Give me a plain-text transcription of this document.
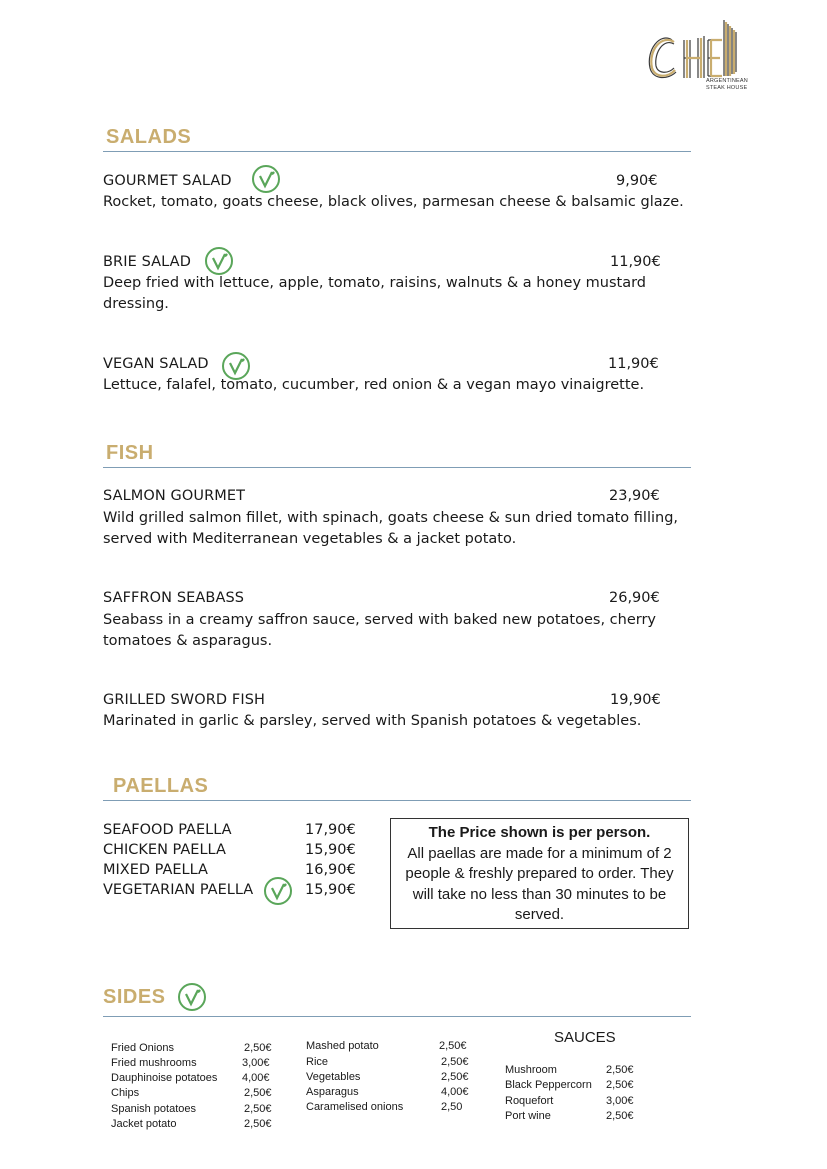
ARGENTINEAN
STEAK HOUSE
SALADS
GOURMET SALAD	9,90€
Rocket, tomato, goats cheese, black olives, parmesan cheese & balsamic glaze.
BRIE SALAD	11,90€
Deep fried with lettuce, apple, tomato, raisins, walnuts & a honey mustard dressing.
VEGAN SALAD	11,90€
Lettuce, falafel, tomato, cucumber, red onion & a vegan mayo vinaigrette.
FISH
SALMON GOURMET	23,90€
Wild grilled salmon fillet, with spinach, goats cheese & sun dried tomato filling, served with Mediterranean vegetables & a jacket potato.
SAFFRON SEABASS	26,90€
Seabass in a creamy saffron sauce, served with baked new potatoes, cherry tomatoes & asparagus.
GRILLED SWORD FISH	19,90€
Marinated in garlic & parsley, served with Spanish potatoes & vegetables.
PAELLAS
SEAFOOD PAELLA	17,90€
CHICKEN PAELLA	15,90€
MIXED PAELLA	16,90€
VEGETARIAN PAELLA	15,90€
The Price shown is per person.
All paellas are made for a minimum of 2 people & freshly prepared to order. They will take no less than 30 minutes to be served.
SIDES
Fried Onions	2,50€
Fried mushrooms	3,00€
Dauphinoise potatoes 4,00€
Chips	2,50€
Spanish potatoes	2,50€
Jacket potato	2,50€
Mashed potato	2,50€
Rice	2,50€
Vegetables	2,50€
Asparagus	4,00€
Caramelised onions	2,50
SAUCES
Mushroom	2,50€
Black Peppercorn 2,50€
Roquefort	3,00€
Port wine	2,50€
